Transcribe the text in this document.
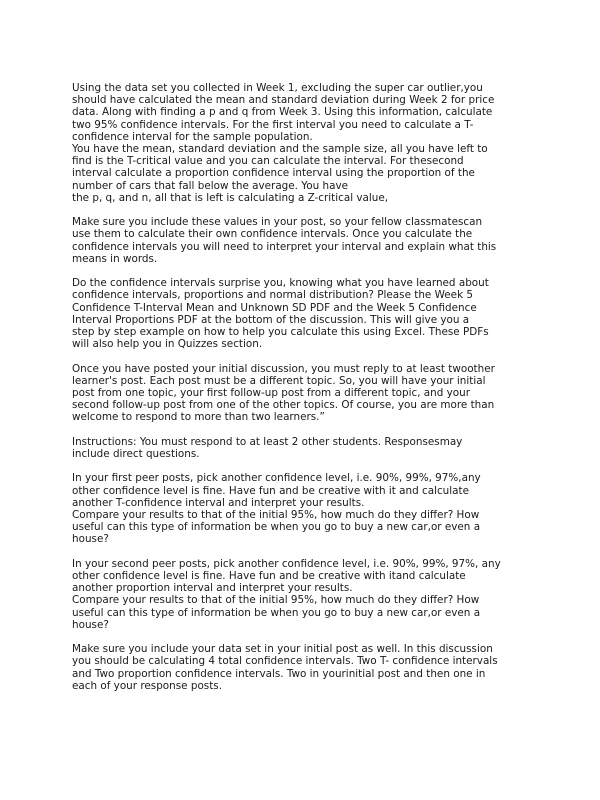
Using the data set you collected in Week 1, excluding the super car outlier,you
should have calculated the mean and standard deviation during Week 2 for price
data. Along with finding a p and q from Week 3. Using this information, calculate
two 95% confidence intervals. For the first interval you need to calculate a T-
confidence interval for the sample population.
You have the mean, standard deviation and the sample size, all you have left to
find is the T-critical value and you can calculate the interval. For thesecond
interval calculate a proportion confidence interval using the proportion of the
number of cars that fall below the average. You have
the p, q, and n, all that is left is calculating a Z-critical value,
Make sure you include these values in your post, so your fellow classmatescan
use them to calculate their own confidence intervals. Once you calculate the
confidence intervals you will need to interpret your interval and explain what this
means in words.
Do the confidence intervals surprise you, knowing what you have learned about
confidence intervals, proportions and normal distribution? Please the Week 5
Confidence T-Interval Mean and Unknown SD PDF and the Week 5 Confidence
Interval Proportions PDF at the bottom of the discussion. This will give you a
step by step example on how to help you calculate this using Excel. These PDFs
will also help you in Quizzes section.
Once you have posted your initial discussion, you must reply to at least twoother
learner's post. Each post must be a different topic. So, you will have your initial
post from one topic, your first follow-up post from a different topic, and your
second follow-up post from one of the other topics. Of course, you are more than
welcome to respond to more than two learners.”
Instructions: You must respond to at least 2 other students. Responsesmay
include direct questions.
In your first peer posts, pick another confidence level, i.e. 90%, 99%, 97%,any
other confidence level is fine. Have fun and be creative with it and calculate
another T-confidence interval and interpret your results.
Compare your results to that of the initial 95%, how much do they differ? How
useful can this type of information be when you go to buy a new car,or even a
house?
In your second peer posts, pick another confidence level, i.e. 90%, 99%, 97%, any
other confidence level is fine. Have fun and be creative with itand calculate
another proportion interval and interpret your results.
Compare your results to that of the initial 95%, how much do they differ? How
useful can this type of information be when you go to buy a new car,or even a
house?
Make sure you include your data set in your initial post as well. In this discussion
you should be calculating 4 total confidence intervals. Two T- confidence intervals
and Two proportion confidence intervals. Two in yourinitial post and then one in
each of your response posts.
